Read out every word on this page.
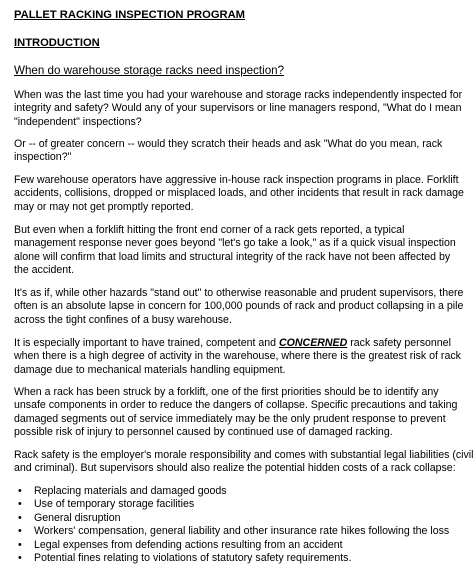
PALLET RACKING INSPECTION PROGRAM
INTRODUCTION
When do warehouse storage racks need inspection?

When was the last time you had your warehouse and storage racks independently inspected for
integrity and safety? Would any of your supervisors or line managers respond, "What do I mean
"independent" inspections?

Or -- of greater concern -- would they scratch their heads and ask "What do you mean, rack
inspection?"

Few warehouse operators have aggressive in-house rack inspection programs in place. Forklift
accidents, collisions, dropped or misplaced loads, and other incidents that result in rack damage
may or may not get promptly reported.

But even when a forklift hitting the front end corner of a rack gets reported, a typical
management response never goes beyond "let's go take a look," as if a quick visual inspection
alone will confirm that load limits and structural integrity of the rack have not been affected by
the accident.

It's as if, while other hazards "stand out" to otherwise reasonable and prudent supervisors, there
often is an absolute lapse in concern for 100,000 pounds of rack and product collapsing in a pile
across the tight confines of a busy warehouse.

It is especially important to have trained, competent and CONCERNED rack safety personnel
when there is a high degree of activity in the warehouse, where there is the greatest risk of rack
damage due to mechanical materials handling equipment.

When a rack has been struck by a forklift, one of the first priorities should be to identify any
unsafe components in order to reduce the dangers of collapse. Specific precautions and taking
damaged segments out of service immediately may be the only prudent response to prevent
possible risk of injury to personnel caused by continued use of damaged racking.

Rack safety is the employer's morale responsibility and comes with substantial legal liabilities (civil
and criminal). But supervisors should also realize the potential hidden costs of a rack collapse:

• Replacing materials and damaged goods
• Use of temporary storage facilities
• General disruption
• Workers' compensation, general liability and other insurance rate hikes following the loss
• Legal expenses from defending actions resulting from an accident
• Potential fines relating to violations of statutory safety requirements.
